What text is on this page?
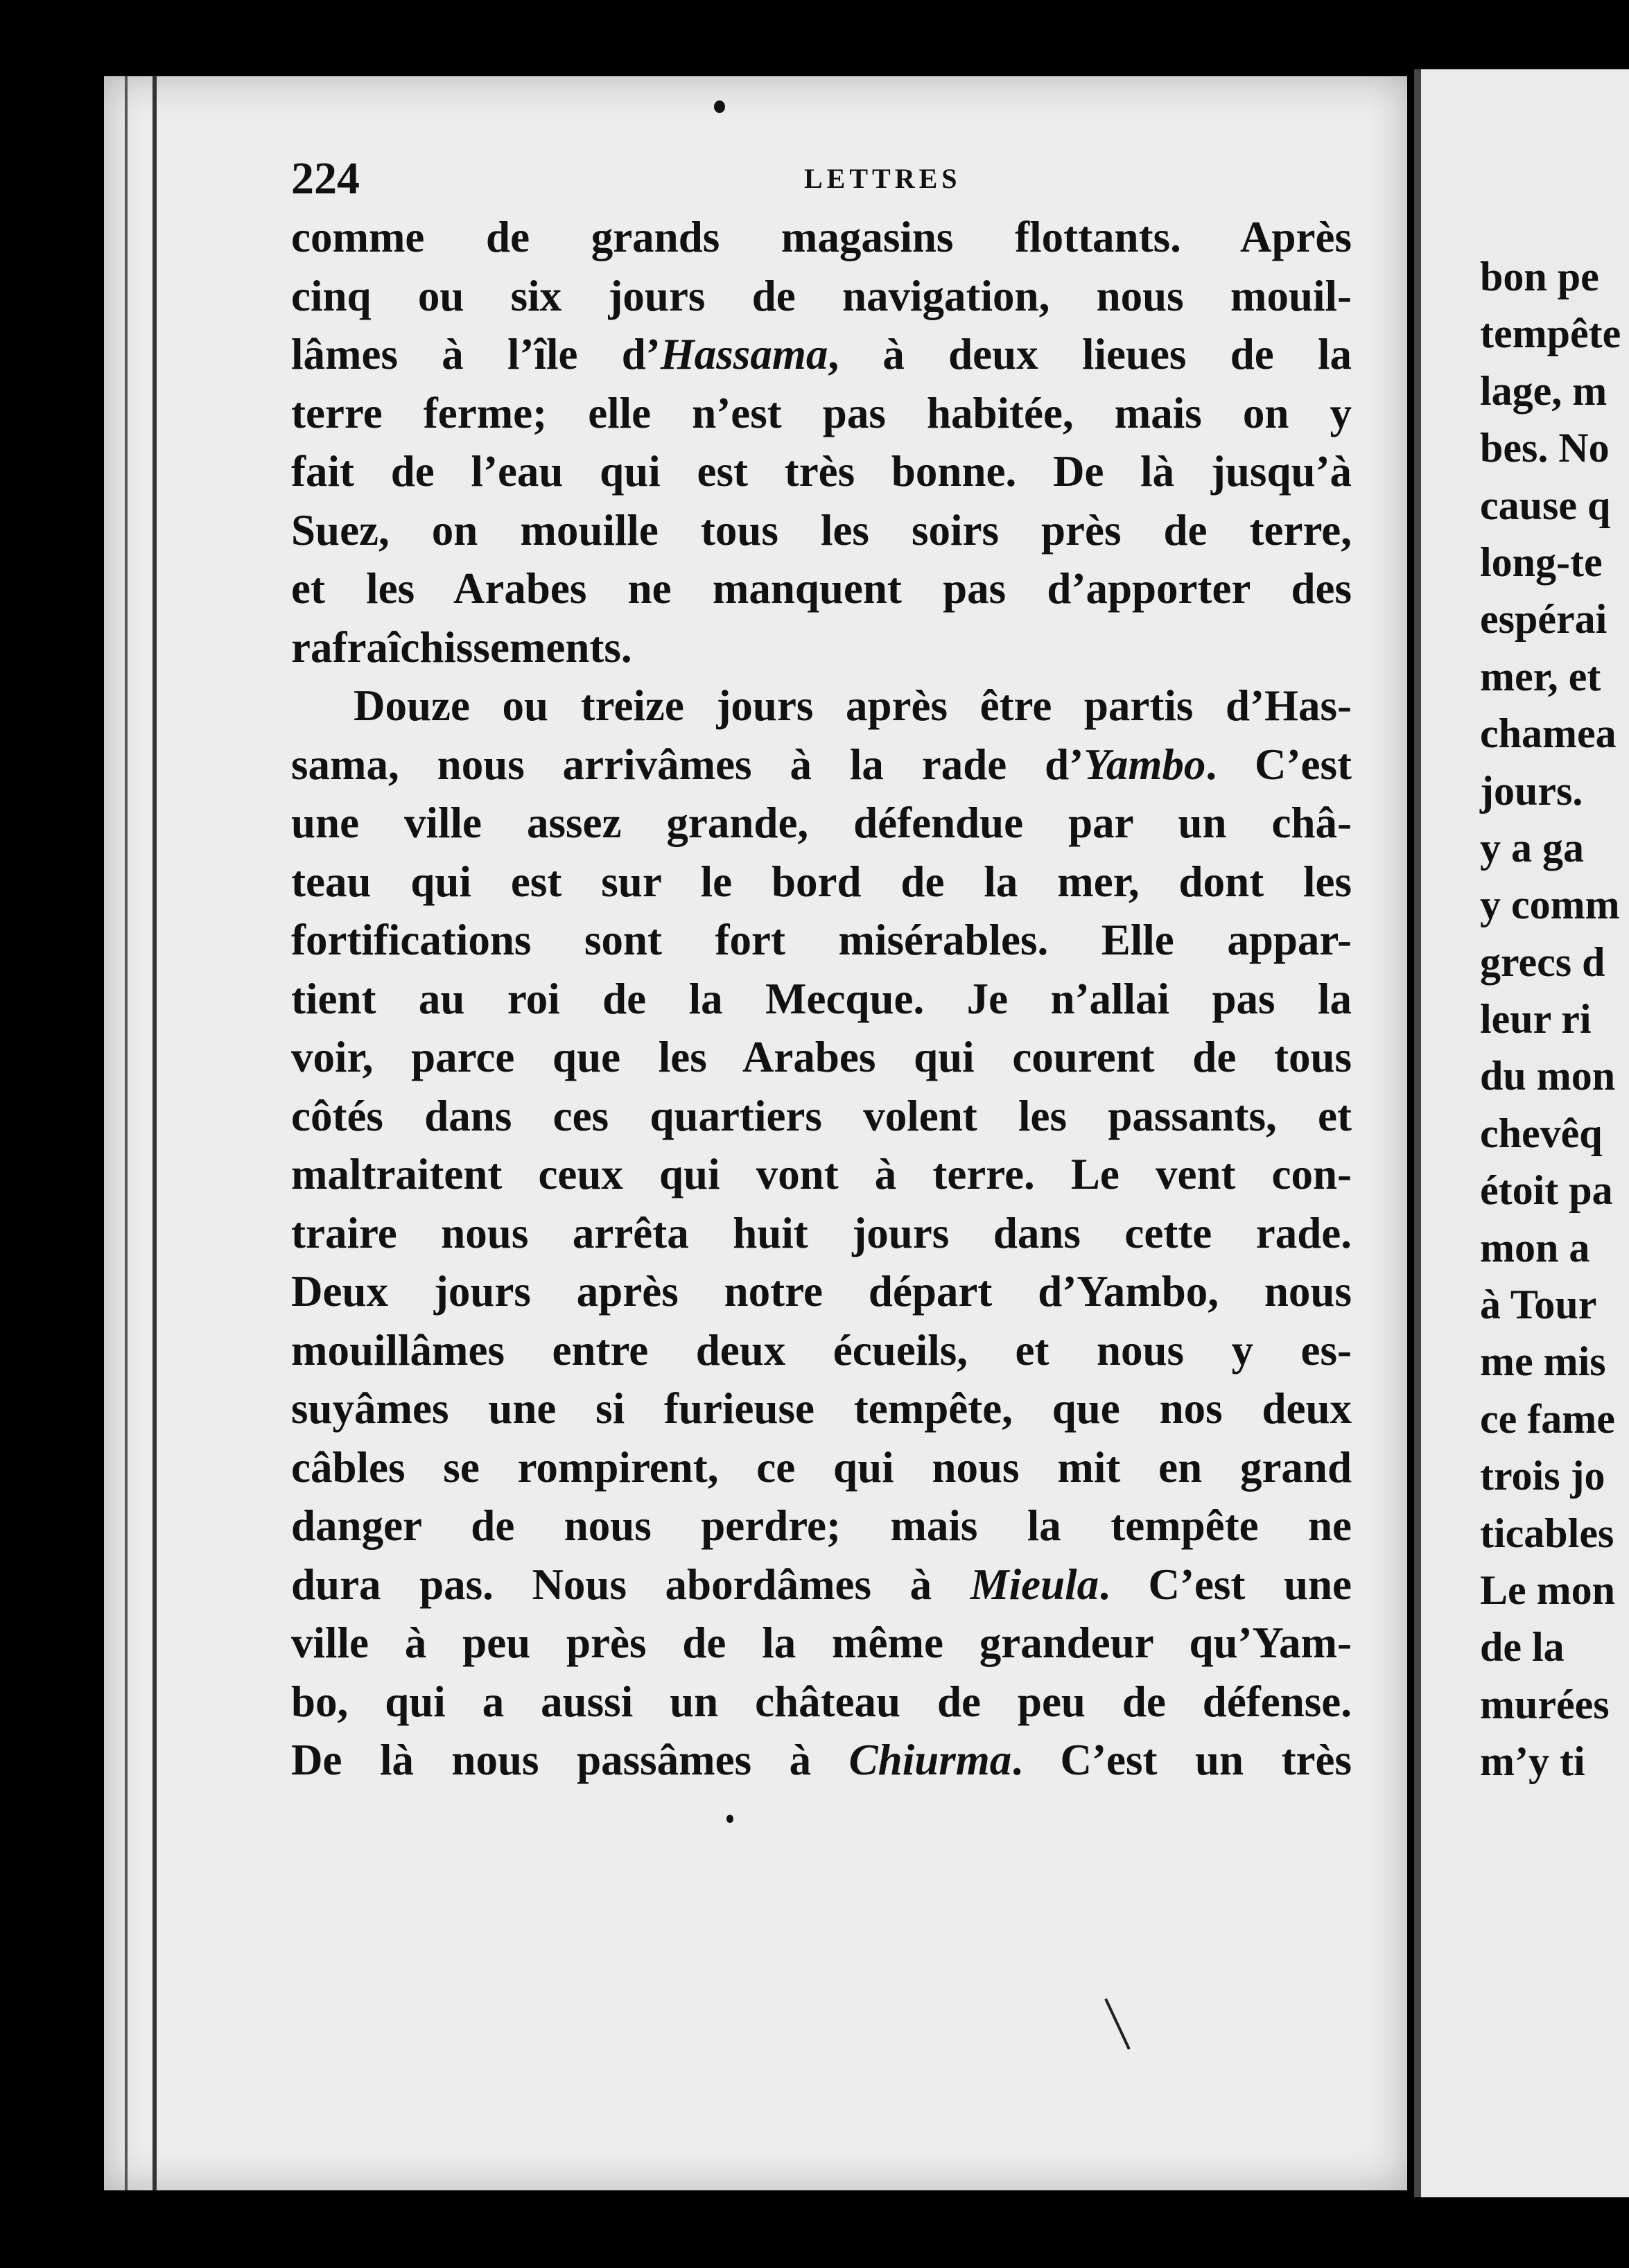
224	LETTRES
comme de grands magasins flottants. Après
cinq ou six jours de navigation, nous mouil-
lâmes à l’île d’Hassama, à deux lieues de la
terre ferme; elle n’est pas habitée, mais on y
fait de l’eau qui est très bonne. De là jusqu’à
Suez, on mouille tous les soirs près de terre,
et les Arabes ne manquent pas d’apporter des
rafraîchissements.
Douze ou treize jours après être partis d’Has-
sama, nous arrivâmes à la rade d’Yambo. C’est
une ville assez grande, défendue par un châ-
teau qui est sur le bord de la mer, dont les
fortifications sont fort misérables. Elle appar-
tient au roi de la Mecque. Je n’allai pas la
voir, parce que les Arabes qui courent de tous
côtés dans ces quartiers volent les passants, et
maltraitent ceux qui vont à terre. Le vent con-
traire nous arrêta huit jours dans cette rade.
Deux jours après notre départ d’Yambo, nous
mouillâmes entre deux écueils, et nous y es-
suyâmes une si furieuse tempête, que nos deux
câbles se rompirent, ce qui nous mit en grand
danger de nous perdre; mais la tempête ne
dura pas. Nous abordâmes à Mieula. C’est une
ville à peu près de la même grandeur qu’Yam-
bo, qui a aussi un château de peu de défense.
De là nous passâmes à Chiurma. C’est un très
bon pe
tempête
lage, m
bes. No
cause q
long-te
espérai
mer, et
chamea
jours.
y a ga
y comm
grecs d
leur ri
du mon
chevêq
étoit pa
mon a
à Tour
me mis
ce fame
trois jo
ticables
Le mon
de la
murées
m’y ti
